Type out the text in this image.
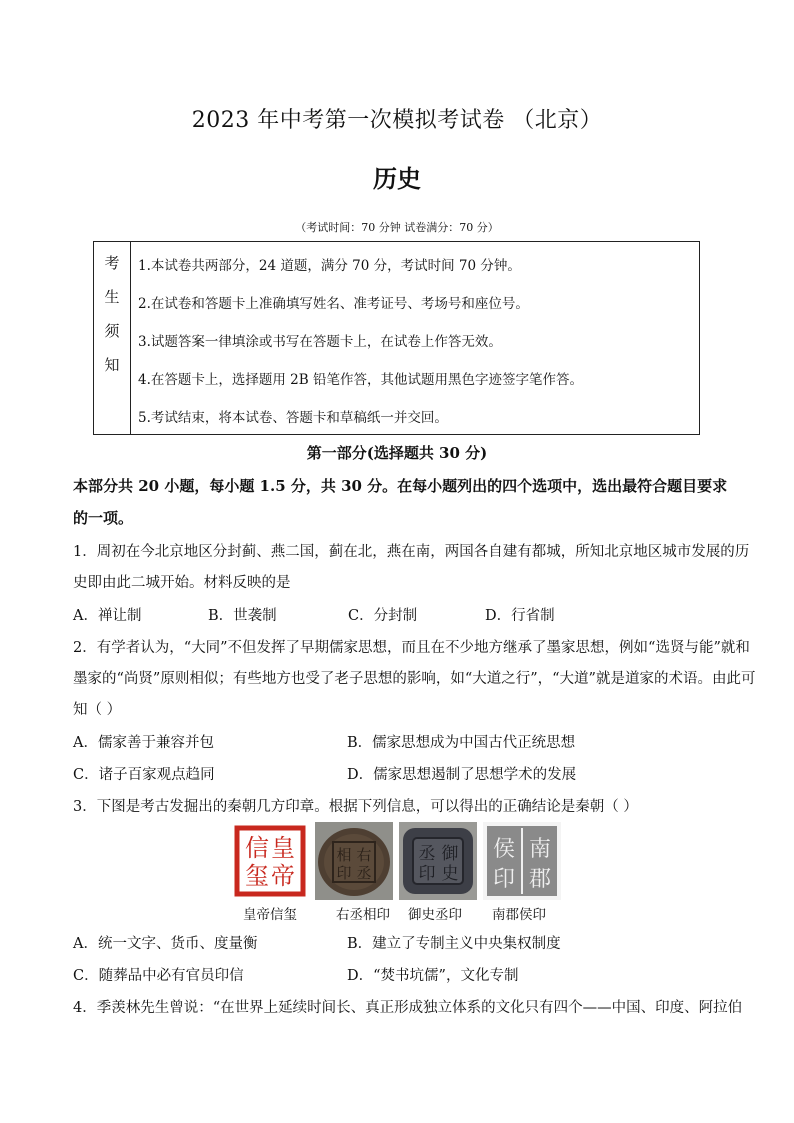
2023 年中考第一次模拟考试卷 （北京）
历史
（考试时间：70 分钟 试卷满分：70 分）
考
生
须
知
1.本试卷共两部分，24 道题，满分 70 分，考试时间 70 分钟。
2.在试卷和答题卡上准确填写姓名、准考证号、考场号和座位号。
3.试题答案一律填涂或书写在答题卡上，在试卷上作答无效。
4.在答题卡上，选择题用 2B 铅笔作答，其他试题用黑色字迹签字笔作答。
5.考试结束，将本试卷、答题卡和草稿纸一并交回。
第一部分(选择题共 30 分)
本部分共 20 小题，每小题 1.5 分，共 30 分。在每小题列出的四个选项中，选出最符合题目要求的一项。
1．周初在今北京地区分封蓟、燕二国，蓟在北，燕在南，两国各自建有都城，所知北京地区城市发展的历
史即由此二城开始。材料反映的是
A．禅让制	B．世袭制	C．分封制	D．行省制
2．有学者认为，“大同”不但发挥了早期儒家思想，而且在不少地方继承了墨家思想，例如“选贤与能”就和
墨家的“尚贤”原则相似；有些地方也受了老子思想的影响，如“大道之行”，“大道”就是道家的术语。由此可
知（ ）
A．儒家善于兼容并包	B．儒家思想成为中国古代正统思想
C．诸子百家观点趋同	D．儒家思想遏制了思想学术的发展
3．下图是考古发掘出的秦朝几方印章。根据下列信息，可以得出的正确结论是秦朝（ ）
皇
帝
信
玺
右
丞
相
印
御
史
丞
印
南
郡
侯
印
皇帝信玺	右丞相印	御史丞印	南郡侯印
A．统一文字、货币、度量衡	B．建立了专制主义中央集权制度
C．随葬品中必有官员印信	D．“焚书坑儒”，文化专制
4．季羡林先生曾说：“在世界上延续时间长、真正形成独立体系的文化只有四个——中国、印度、阿拉伯
